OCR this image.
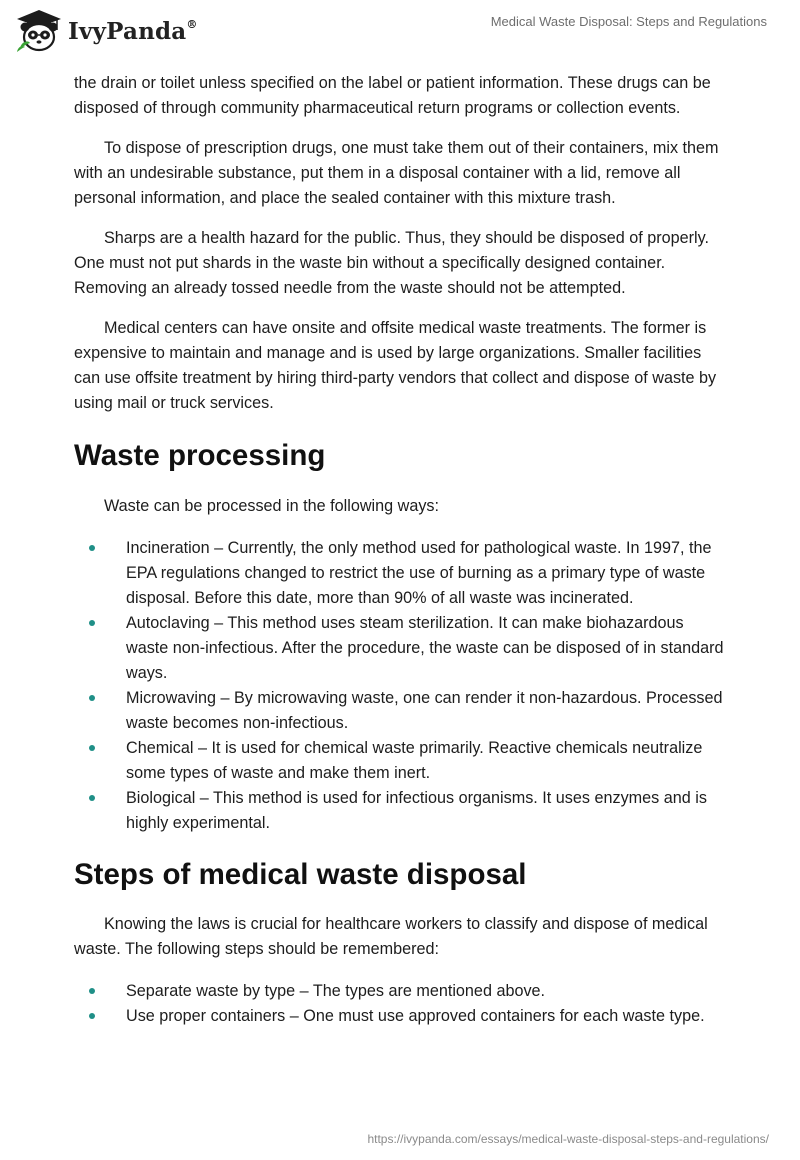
IvyPanda®	Medical Waste Disposal: Steps and Regulations

the drain or toilet unless specified on the label or patient information. These drugs can be disposed of through community pharmaceutical return programs or collection events.

To dispose of prescription drugs, one must take them out of their containers, mix them with an undesirable substance, put them in a disposal container with a lid, remove all personal information, and place the sealed container with this mixture trash.

Sharps are a health hazard for the public. Thus, they should be disposed of properly. One must not put shards in the waste bin without a specifically designed container. Removing an already tossed needle from the waste should not be attempted.

Medical centers can have onsite and offsite medical waste treatments. The former is expensive to maintain and manage and is used by large organizations. Smaller facilities can use offsite treatment by hiring third-party vendors that collect and dispose of waste by using mail or truck services.

Waste processing

Waste can be processed in the following ways:

Incineration – Currently, the only method used for pathological waste. In 1997, the EPA regulations changed to restrict the use of burning as a primary type of waste disposal. Before this date, more than 90% of all waste was incinerated.
Autoclaving – This method uses steam sterilization. It can make biohazardous waste non-infectious. After the procedure, the waste can be disposed of in standard ways.
Microwaving – By microwaving waste, one can render it non-hazardous. Processed waste becomes non-infectious.
Chemical – It is used for chemical waste primarily. Reactive chemicals neutralize some types of waste and make them inert.
Biological – This method is used for infectious organisms. It uses enzymes and is highly experimental.
Steps of medical waste disposal

Knowing the laws is crucial for healthcare workers to classify and dispose of medical waste. The following steps should be remembered:

Separate waste by type – The types are mentioned above.
Use proper containers – One must use approved containers for each waste type.
https://ivypanda.com/essays/medical-waste-disposal-steps-and-regulations/
